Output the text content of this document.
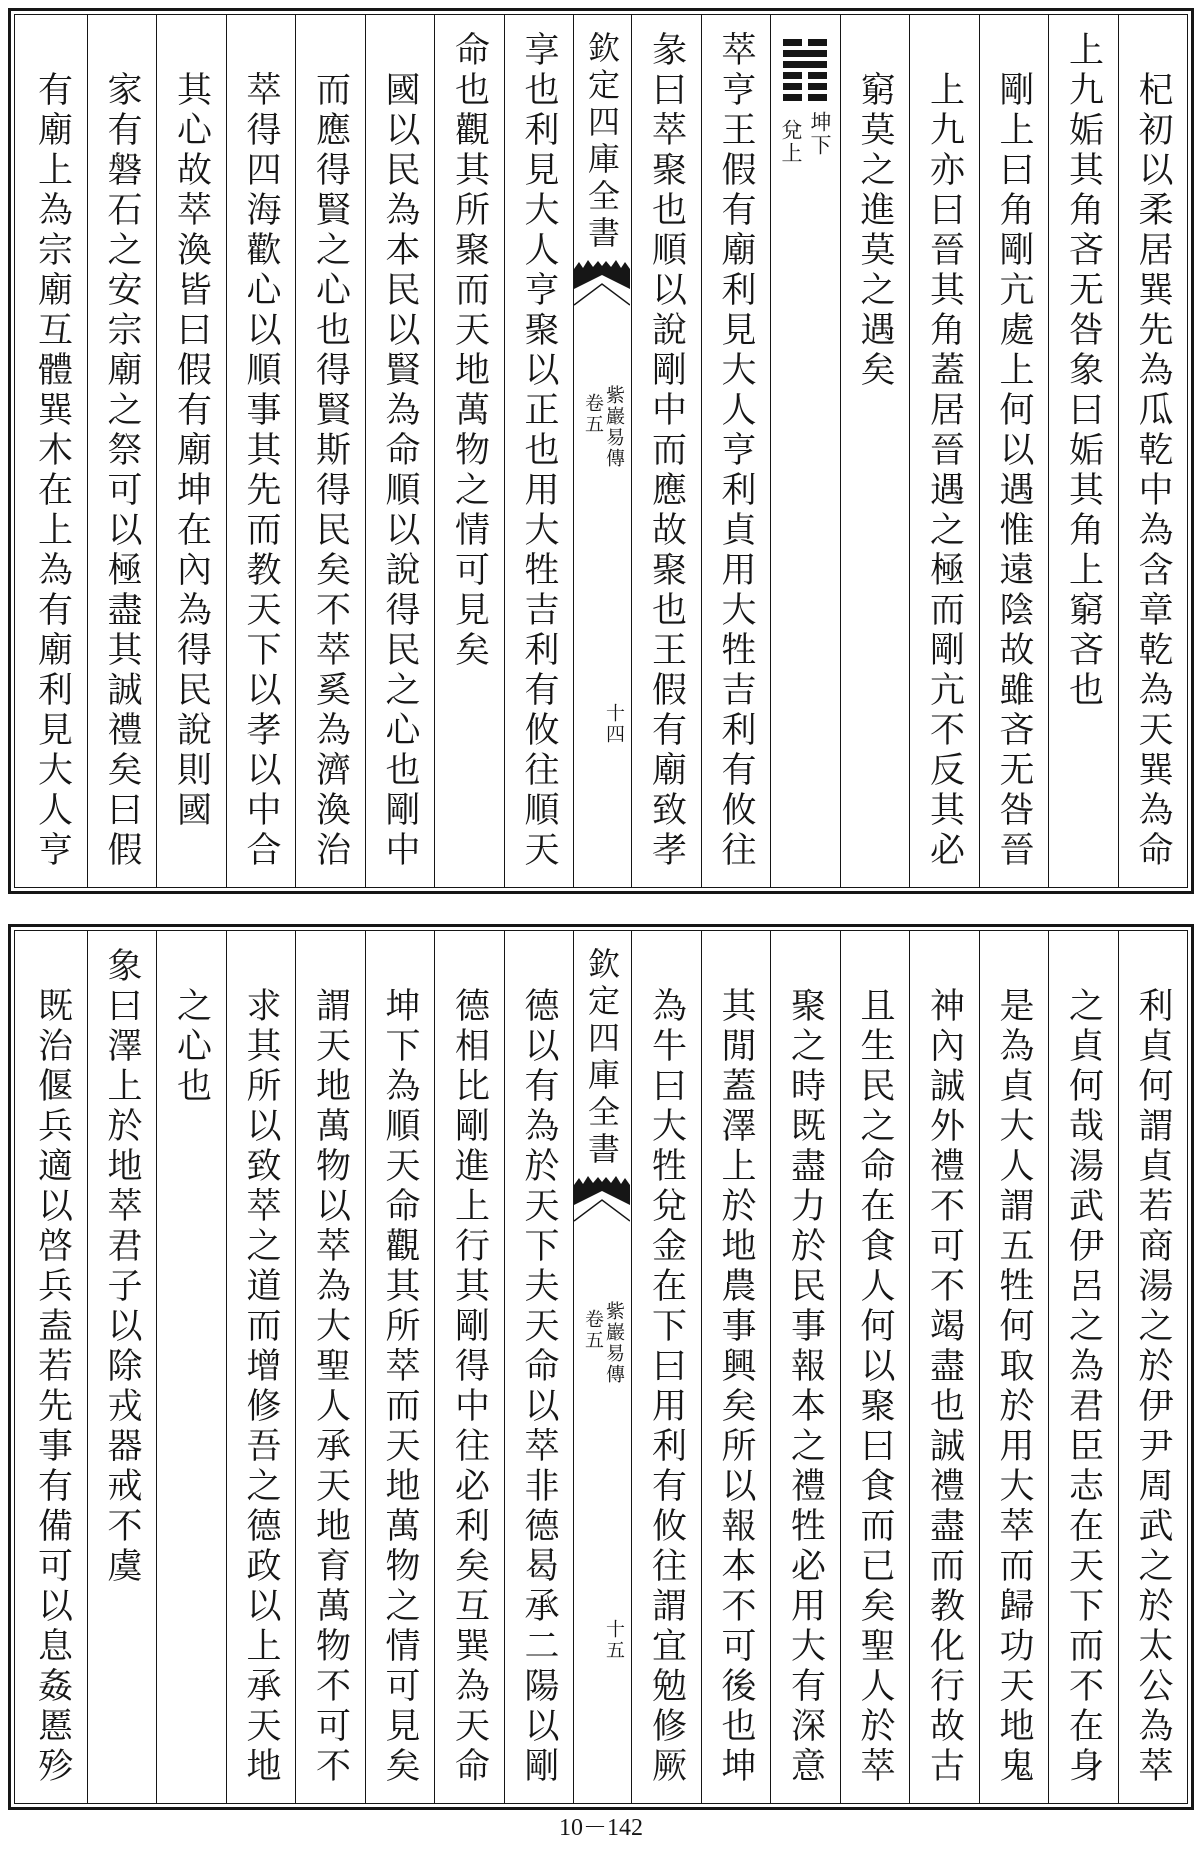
杞初以柔居巽先為瓜乾中為含章乾為天巽為命
上九姤其角吝无咎象曰姤其角上窮吝也
剛上曰角剛亢處上何以遇惟遠陰故雖吝无咎晉
上九亦曰晉其角蓋居晉遇之極而剛亢不反其必
窮莫之進莫之遇矣
坤下
兌上
萃亨王假有廟利見大人亨利貞用大牲吉利有攸往
彖曰萃聚也順以說剛中而應故聚也王假有廟致孝
欽定四庫全書
紫巖易傳
卷五
十四
享也利見大人亨聚以正也用大牲吉利有攸往順天
命也觀其所聚而天地萬物之情可見矣
國以民為本民以賢為命順以說得民之心也剛中
而應得賢之心也得賢斯得民矣不萃奚為濟渙治
萃得四海歡心以順事其先而教天下以孝以中合
其心故萃渙皆曰假有廟坤在內為得民說則國
家有磐石之安宗廟之祭可以極盡其誠禮矣曰假
有廟上為宗廟互體巽木在上為有廟利見大人亨
利貞何謂貞若商湯之於伊尹周武之於太公為萃
之貞何哉湯武伊呂之為君臣志在天下而不在身
是為貞大人謂五牲何取於用大萃而歸功天地鬼
神內誠外禮不可不竭盡也誠禮盡而教化行故古
且生民之命在食人何以聚曰食而已矣聖人於萃
聚之時既盡力於民事報本之禮牲必用大有深意
其閒蓋澤上於地農事興矣所以報本不可後也坤
為牛曰大牲兌金在下曰用利有攸往謂宜勉修厥
欽定四庫全書
紫巖易傳
卷五
十五
德以有為於天下夫天命以萃非德曷承二陽以剛
德相比剛進上行其剛得中往必利矣互巽為天命
坤下為順天命觀其所萃而天地萬物之情可見矣
謂天地萬物以萃為大聖人承天地育萬物不可不
求其所以致萃之道而增修吾之德政以上承天地
之心也
象曰澤上於地萃君子以除戎器戒不虞
既治偃兵適以啓兵盍若先事有備可以息姦慝殄
10－142
